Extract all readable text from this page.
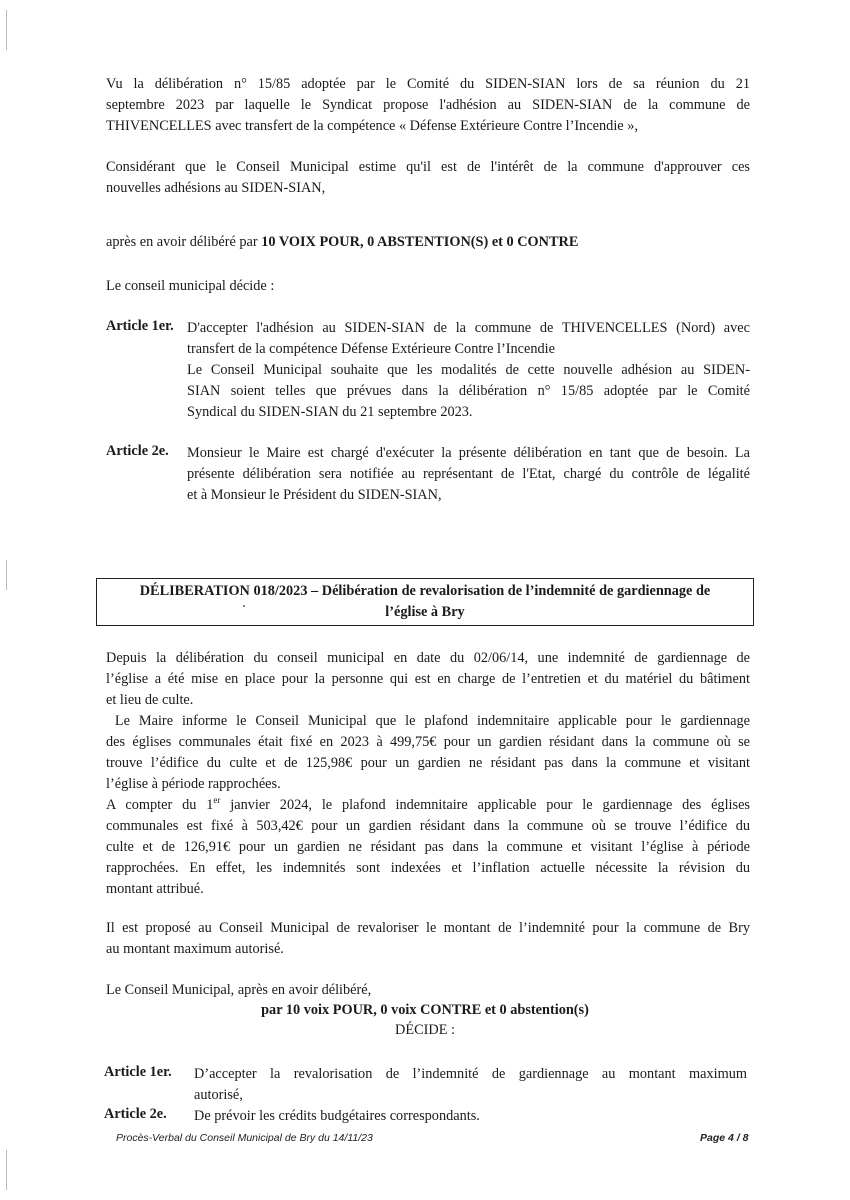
Vu la délibération n° 15/85 adoptée par le Comité du SIDEN-SIAN lors de sa réunion du 21
septembre 2023 par laquelle le Syndicat propose l'adhésion au SIDEN-SIAN de la commune de
THIVENCELLES avec transfert de la compétence « Défense Extérieure Contre l’Incendie »,
Considérant que le Conseil Municipal estime qu'il est de l'intérêt de la commune d'approuver ces
nouvelles adhésions au SIDEN-SIAN,
après en avoir délibéré par 10 VOIX POUR, 0 ABSTENTION(S) et 0 CONTRE
Le conseil municipal décide :
Article 1er. D'accepter l'adhésion au SIDEN-SIAN de la commune de THIVENCELLES (Nord) avec
transfert de la compétence Défense Extérieure Contre l’Incendie
Le Conseil Municipal souhaite que les modalités de cette nouvelle adhésion au SIDEN-
SIAN soient telles que prévues dans la délibération n° 15/85 adoptée par le Comité
Syndical du SIDEN-SIAN du 21 septembre 2023.
Article 2e. Monsieur le Maire est chargé d'exécuter la présente délibération en tant que de besoin. La
présente délibération sera notifiée au représentant de l'Etat, chargé du contrôle de légalité
et à Monsieur le Président du SIDEN-SIAN,
DÉLIBERATION 018/2023 – Délibération de revalorisation de l’indemnité de gardiennage de
l’église à Bry
Depuis la délibération du conseil municipal en date du 02/06/14, une indemnité de gardiennage de
l’église a été mise en place pour la personne qui est en charge de l’entretien et du matériel du bâtiment
et lieu de culte.
Le Maire informe le Conseil Municipal que le plafond indemnitaire applicable pour le gardiennage
des églises communales était fixé en 2023 à 499,75€ pour un gardien résidant dans la commune où se
trouve l’édifice du culte et de 125,98€ pour un gardien ne résidant pas dans la commune et visitant
l’église à période rapprochées.
A compter du 1er janvier 2024, le plafond indemnitaire applicable pour le gardiennage des églises
communales est fixé à 503,42€ pour un gardien résidant dans la commune où se trouve l’édifice du
culte et de 126,91€ pour un gardien ne résidant pas dans la commune et visitant l’église à période
rapprochées. En effet, les indemnités sont indexées et l’inflation actuelle nécessite la révision du
montant attribué.
Il est proposé au Conseil Municipal de revaloriser le montant de l’indemnité pour la commune de Bry
au montant maximum autorisé.
Le Conseil Municipal, après en avoir délibéré,
par 10 voix POUR, 0 voix CONTRE et 0 abstention(s)
DÉCIDE :
Article 1er. D’accepter la revalorisation de l’indemnité de gardiennage au montant maximum
autorisé,
Article 2e. De prévoir les crédits budgétaires correspondants.
Procès-Verbal du Conseil Municipal de Bry du 14/11/23	Page 4 / 8
